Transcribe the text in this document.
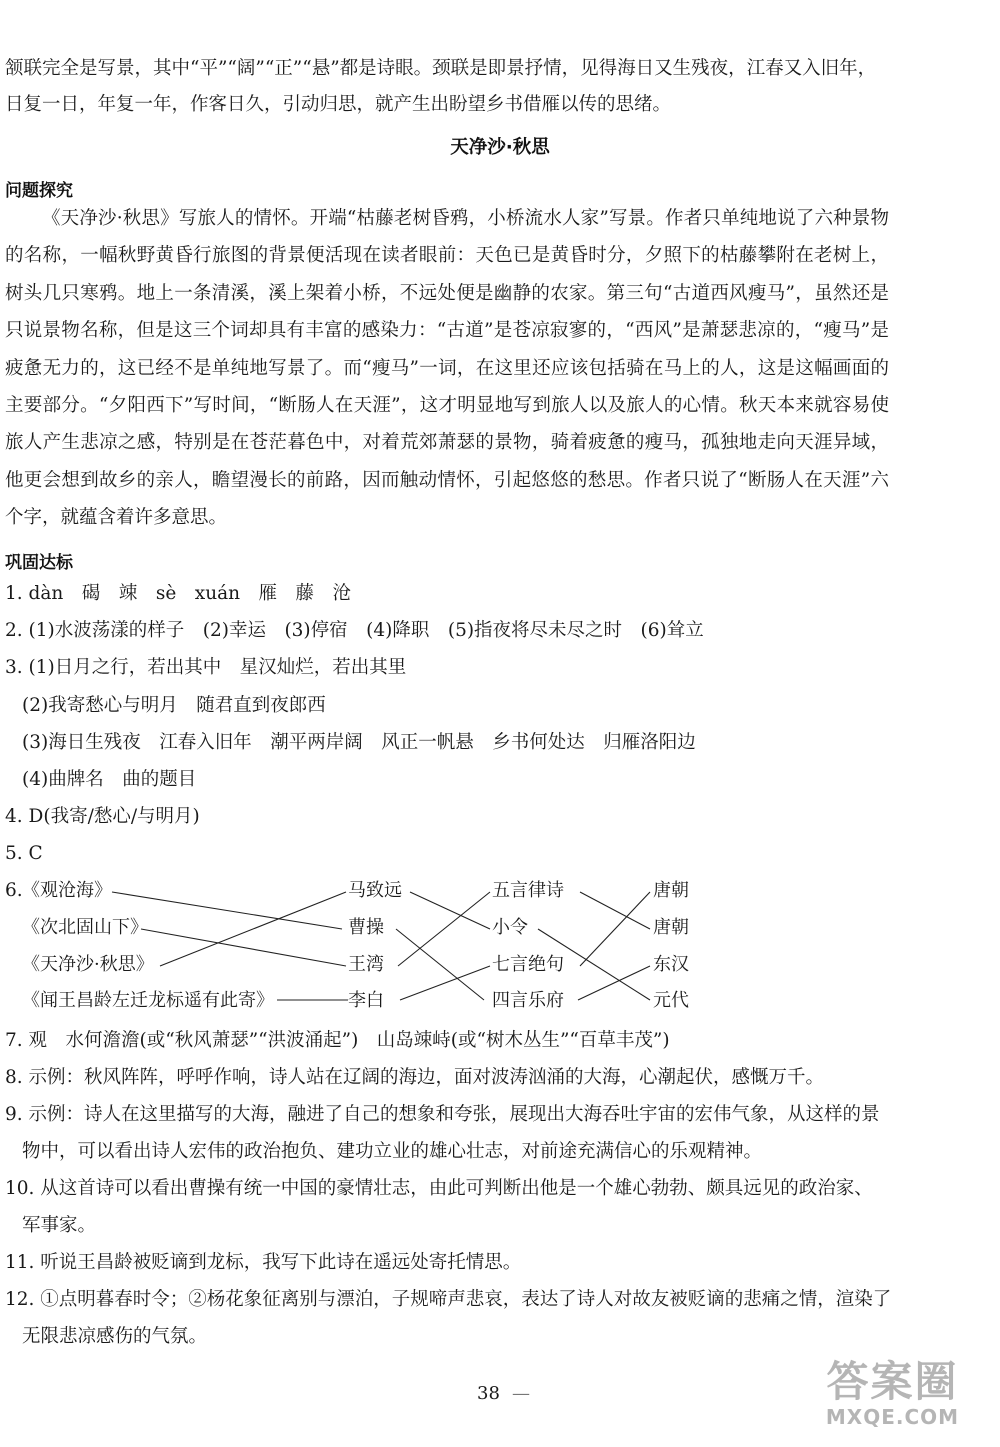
颔联完全是写景，其中“平”“阔”“正”“悬”都是诗眼。颈联是即景抒情，见得海日又生残夜，江春又入旧年，
日复一日，年复一年，作客日久，引动归思，就产生出盼望乡书借雁以传的思绪。
天净沙·秋思
问题探究
《天净沙·秋思》写旅人的情怀。开端“枯藤老树昏鸦，小桥流水人家”写景。作者只单纯地说了六种景物的名称，一幅秋野黄昏行旅图的背景便活现在读者眼前：天色已是黄昏时分，夕照下的枯藤攀附在老树上，树头几只寒鸦。地上一条清溪，溪上架着小桥，不远处便是幽静的农家。第三句“古道西风瘦马”，虽然还是只说景物名称，但是这三个词却具有丰富的感染力：“古道”是苍凉寂寥的，“西风”是萧瑟悲凉的，“瘦马”是疲惫无力的，这已经不是单纯地写景了。而“瘦马”一词，在这里还应该包括骑在马上的人，这是这幅画面的主要部分。“夕阳西下”写时间，“断肠人在天涯”，这才明显地写到旅人以及旅人的心情。秋天本来就容易使旅人产生悲凉之感，特别是在苍茫暮色中，对着荒郊萧瑟的景物，骑着疲惫的瘦马，孤独地走向天涯异域，他更会想到故乡的亲人，瞻望漫长的前路，因而触动情怀，引起悠悠的愁思。作者只说了“断肠人在天涯”六个字，就蕴含着许多意思。
巩固达标
1. dàn　碣　竦　sè　xuán　雁　藤　沧
2. (1)水波荡漾的样子　(2)幸运　(3)停宿　(4)降职　(5)指夜将尽未尽之时　(6)耸立
3. (1)日月之行，若出其中　星汉灿烂，若出其里
(2)我寄愁心与明月　随君直到夜郎西
(3)海日生残夜　江春入旧年　潮平两岸阔　风正一帆悬　乡书何处达　归雁洛阳边
(4)曲牌名　曲的题目
4. D(我寄/愁心/与明月)
5. C
6. 《观沧海》
《次北固山下》
《天净沙·秋思》
《闻王昌龄左迁龙标遥有此寄》
马致远
曹操
王湾
李白
五言律诗
小令
七言绝句
四言乐府
唐朝
唐朝
东汉
元代
7. 观　水何澹澹(或“秋风萧瑟”“洪波涌起”)　山岛竦峙(或“树木丛生”“百草丰茂”)
8. 示例：秋风阵阵，呼呼作响，诗人站在辽阔的海边，面对波涛汹涌的大海，心潮起伏，感慨万千。
9. 示例：诗人在这里描写的大海，融进了自己的想象和夸张，展现出大海吞吐宇宙的宏伟气象，从这样的景
物中，可以看出诗人宏伟的政治抱负、建功立业的雄心壮志，对前途充满信心的乐观精神。
10. 从这首诗可以看出曹操有统一中国的豪情壮志，由此可判断出他是一个雄心勃勃、颇具远见的政治家、
军事家。
11. 听说王昌龄被贬谪到龙标，我写下此诗在遥远处寄托情思。
12. ①点明暮春时令；②杨花象征离别与漂泊，子规啼声悲哀，表达了诗人对故友被贬谪的悲痛之情，渲染了
无限悲凉感伤的气氛。
38 —	答案圈
MXQE.COM
